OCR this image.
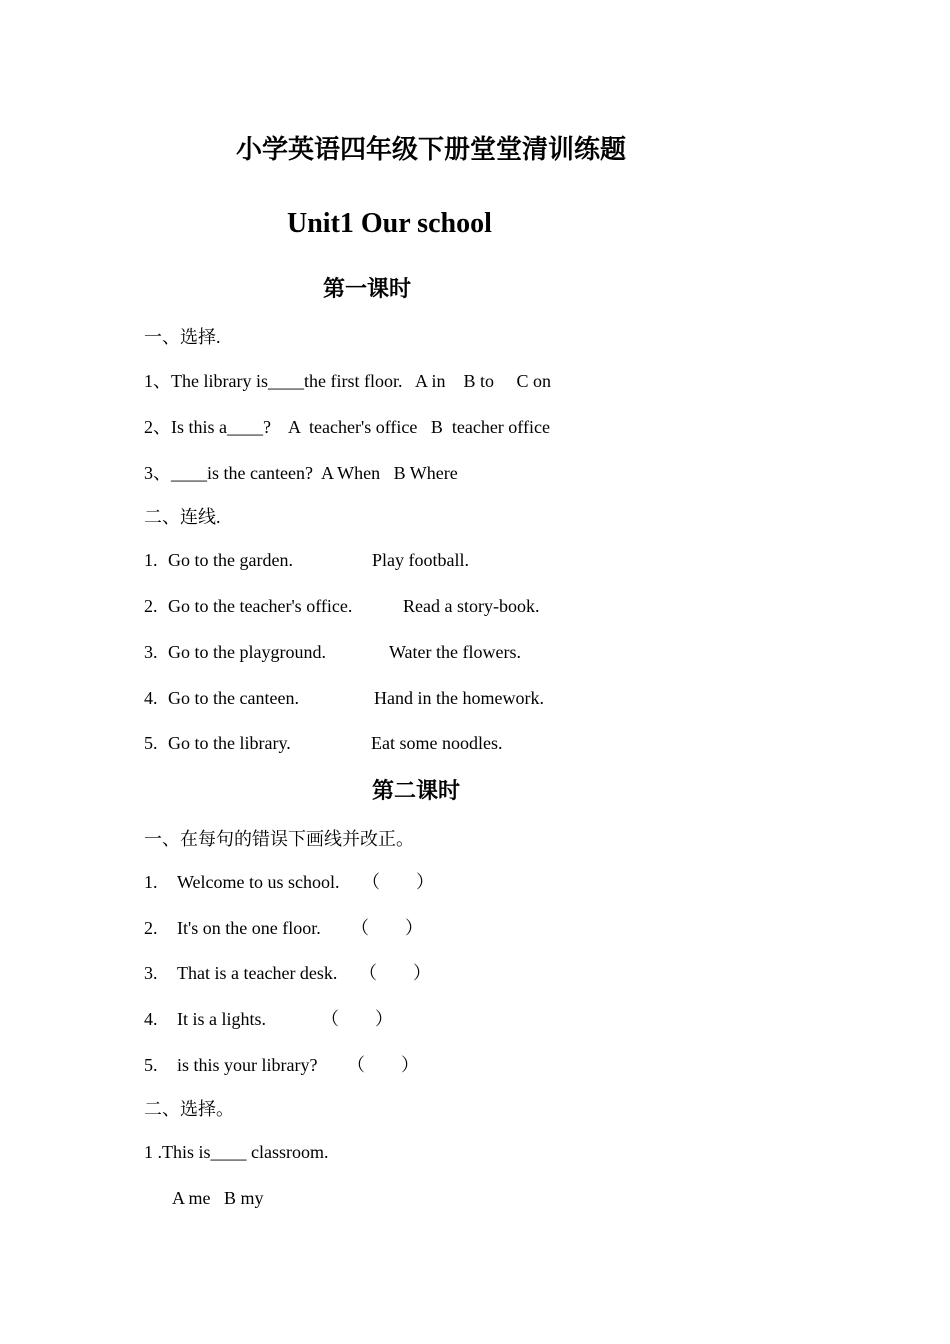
小学英语四年级下册堂堂清训练题
Unit1 Our school
第一课时
一、选择.
1、The library is____the first floor.   A in    B to     C on
2、Is this a____?    A  teacher's office   B  teacher office
3、____is the canteen?  A When   B Where
二、连线.
1. Go to the garden.	Play football.
2. Go to the teacher's office.	Read a story-book.
3. Go to the playground.	Water the flowers.
4. Go to the canteen.	Hand in the homework.
5. Go to the library.	Eat some noodles.
第二课时
一、在每句的错误下画线并改正。
1. Welcome to us school. （        ）
2. It's on the one floor. （        ）
3. That is a teacher desk. （        ）
4. It is a lights.	（        ）
5. is this your library? （        ）
二、选择。
1 .This is____ classroom.
A me   B my
